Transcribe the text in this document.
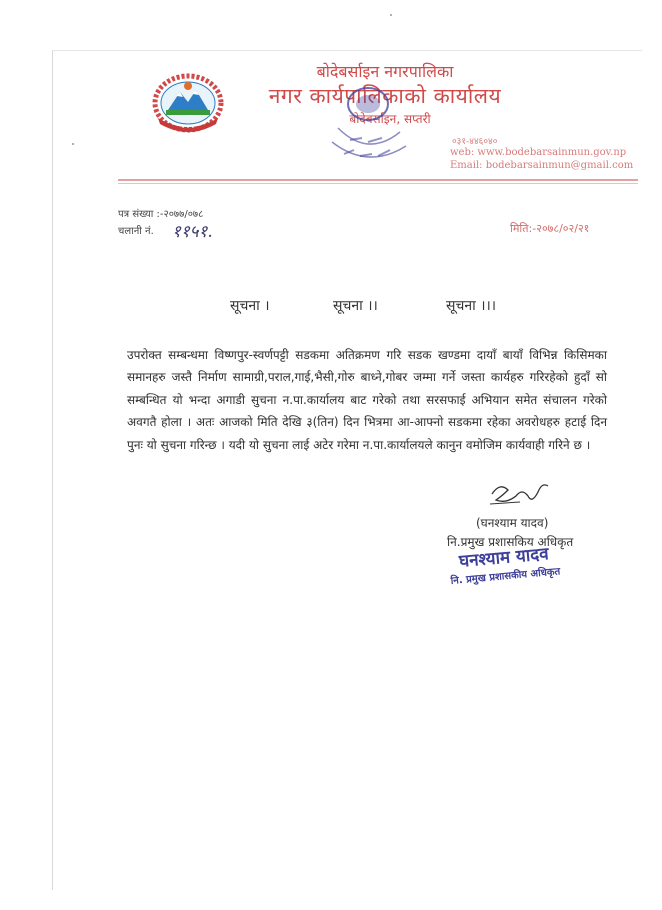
★ ★ ★
बोदेबर्साइन नगरपालिका
नगर कार्यपालिकाको कार्यालय
बोदेबर्साइन, सप्तरी
०३१-४४६०४०
web: www.bodebarsainmun.gov.np
Email: bodebarsainmun@gmail.com
पत्र संख्या :-२०७७/०७८
चलानी नं. ११५१.	मिति:-२०७८/०२/२१
सूचना ।	सूचना ।।	सूचना ।।।
उपरोक्त सम्बन्धमा विष्णपुर-स्वर्णपट्टी सडकमा अतिक्रमण गरि सडक खण्डमा दायाँ बायाँ विभिन्न किसिमका समानहरु जस्तै निर्माण सामाग्री,पराल,गाई,भैसी,गोरु बाध्ने,गोबर जम्मा गर्ने जस्ता कार्यहरु गरिरहेको हुदाँ सो सम्बन्धित यो भन्दा अगाडी सुचना न.पा.कार्यालय बाट गरेको तथा सरसफाई अभियान समेत संचालन गरेको अवगतै होला । अतः आजको मिति देखि ३(तिन) दिन भित्रमा आ-आफ्नो सडकमा रहेका अवरोधहरु हटाई दिन पुनः यो सुचना गरिन्छ । यदी यो सुचना लाई अटेर गरेमा न.पा.कार्यालयले कानुन वमोजिम कार्यवाही गरिने छ ।
(घनश्याम यादव)
नि.प्रमुख प्रशासकिय अधिकृत
घनश्याम यादव
नि. प्रमुख प्रशासकीय अधिकृत
